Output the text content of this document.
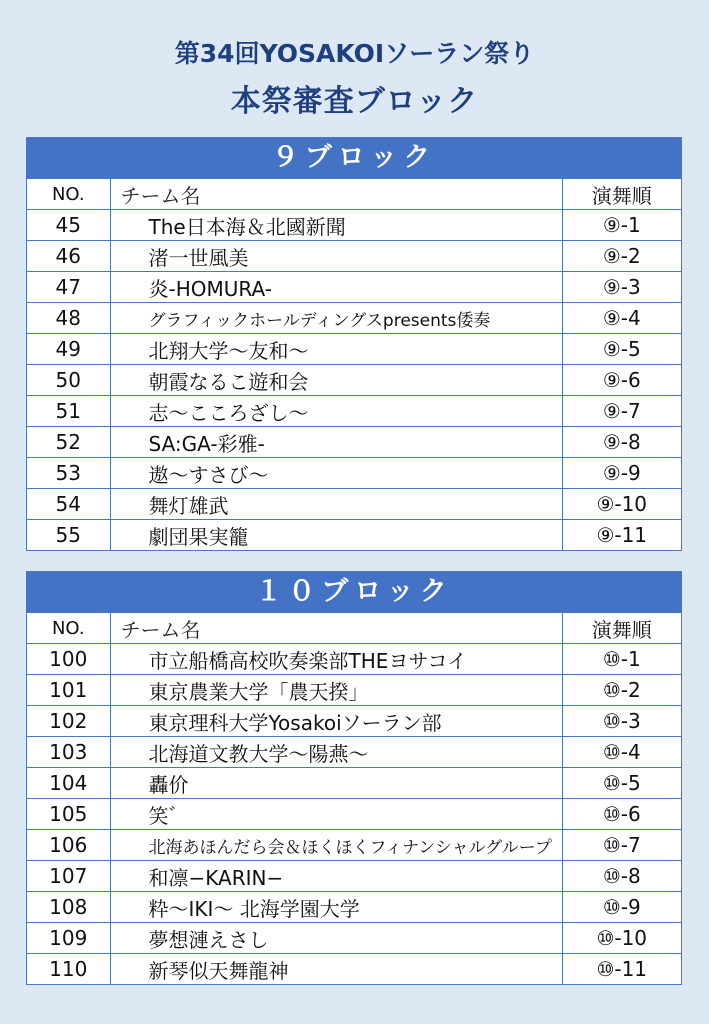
第34回YOSAKOIソーラン祭り
本祭審査ブロック
９ブロック
NO.	チーム名	演舞順
45	The日本海＆北國新聞	⑨-1
46	渚一世風美	⑨-2
47	炎-HOMURA-	⑨-3
48	グラフィックホールディングスpresents倭奏	⑨-4
49	北翔大学～友和～	⑨-5
50	朝霞なるこ遊和会	⑨-6
51	志～こころざし～	⑨-7
52	SA:GA-彩雅-	⑨-8
53	遨～すさび～	⑨-9
54	舞灯雄武	⑨-10
55	劇団果実籠	⑨-11
１０ブロック
NO.	チーム名	演舞順
100	市立船橋高校吹奏楽部THEヨサコイ	⑩-1
101	東京農業大学「農天揆」	⑩-2
102	東京理科大学Yosakoiソーラン部	⑩-3
103	北海道文教大学～陽燕～	⑩-4
104	轟价	⑩-5
105	笑゛	⑩-6
106	北海あほんだら会＆ほくほくフィナンシャルグループ	⑩-7
107	和凛−KARIN−	⑩-8
108	粋～IKI～ 北海学園大学	⑩-9
109	夢想漣えさし	⑩-10
110	新琴似天舞龍神	⑩-11
